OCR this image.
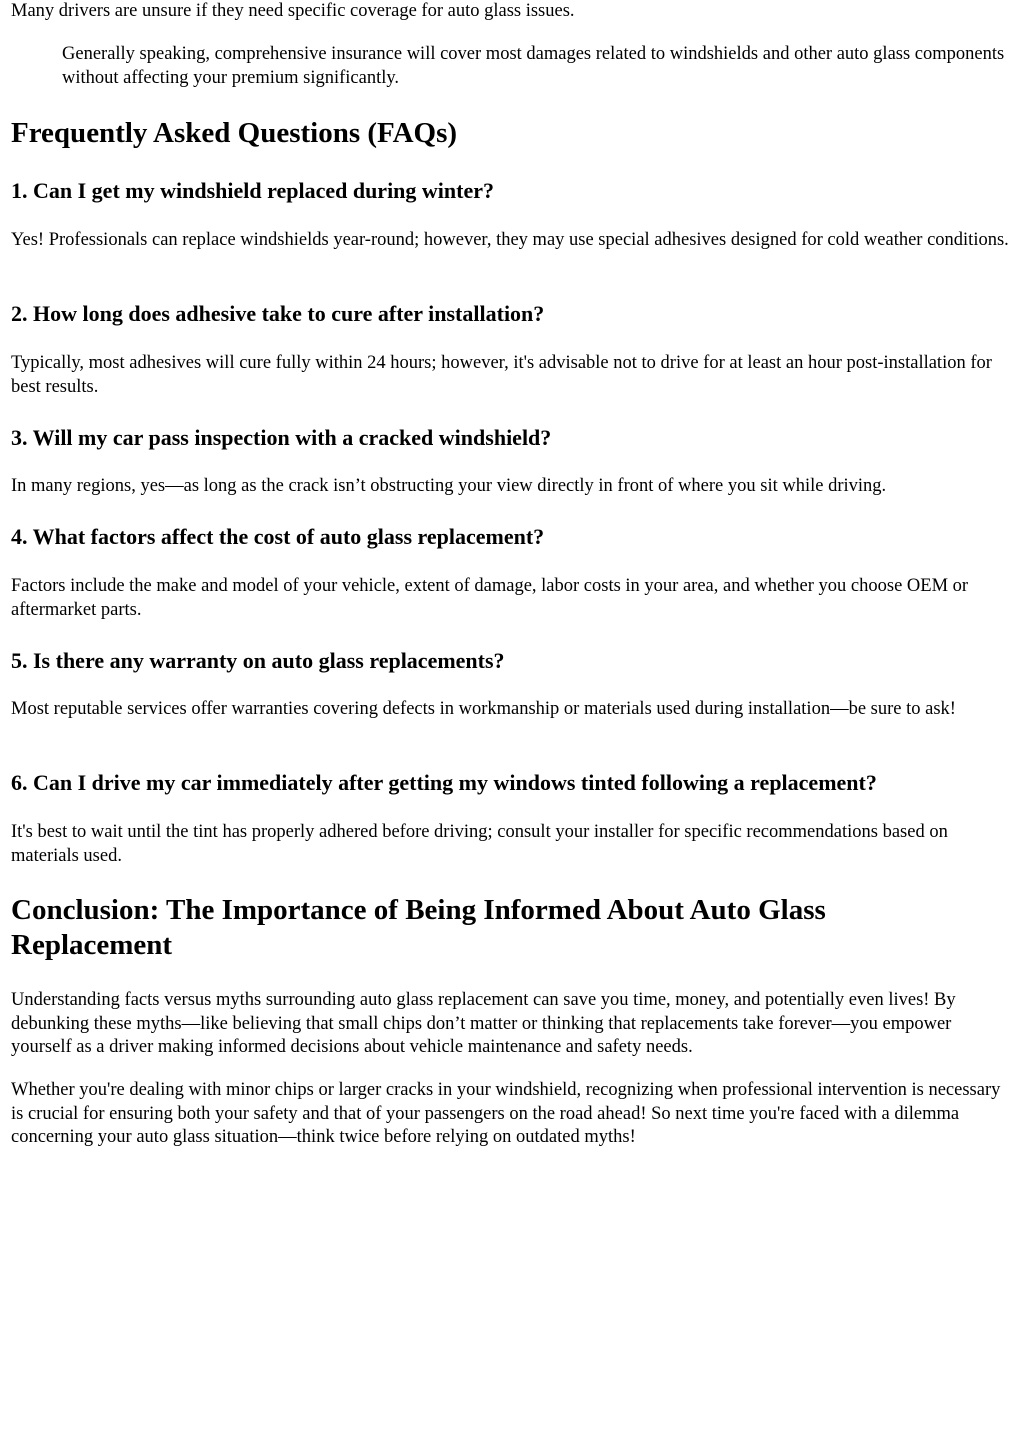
Many drivers are unsure if they need specific coverage for auto glass issues.

Generally speaking, comprehensive insurance will cover most damages related to windshields and other auto glass components without affecting your premium significantly.

Frequently Asked Questions (FAQs)
1. Can I get my windshield replaced during winter?

Yes! Professionals can replace windshields year-round; however, they may use special adhesives designed for cold weather conditions.

2. How long does adhesive take to cure after installation?

Typically, most adhesives will cure fully within 24 hours; however, it's advisable not to drive for at least an hour post-installation for best results.

3. Will my car pass inspection with a cracked windshield?

In many regions, yes—as long as the crack isn’t obstructing your view directly in front of where you sit while driving.

4. What factors affect the cost of auto glass replacement?

Factors include the make and model of your vehicle, extent of damage, labor costs in your area, and whether you choose OEM or aftermarket parts.

5. Is there any warranty on auto glass replacements?

Most reputable services offer warranties covering defects in workmanship or materials used during installation—be sure to ask!

6. Can I drive my car immediately after getting my windows tinted following a replacement?

It's best to wait until the tint has properly adhered before driving; consult your installer for specific recommendations based on materials used.

Conclusion: The Importance of Being Informed About Auto Glass Replacement

Understanding facts versus myths surrounding auto glass replacement can save you time, money, and potentially even lives! By debunking these myths—like believing that small chips don’t matter or thinking that replacements take forever—you empower yourself as a driver making informed decisions about vehicle maintenance and safety needs.

Whether you're dealing with minor chips or larger cracks in your windshield, recognizing when professional intervention is necessary is crucial for ensuring both your safety and that of your passengers on the road ahead! So next time you're faced with a dilemma concerning your auto glass situation—think twice before relying on outdated myths!
